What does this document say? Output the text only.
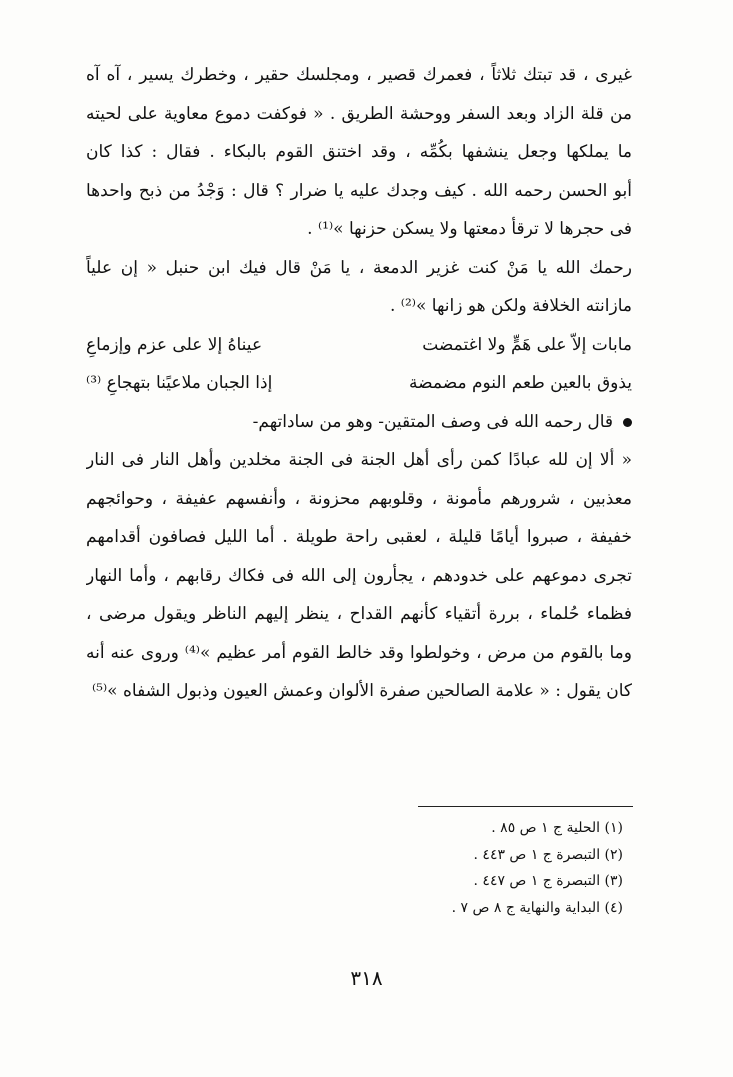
غيرى ، قد تبتك ثلاثاً ، فعمرك قصير ، ومجلسك حقير ، وخطرك يسير ، آه آه
من قلة الزاد وبعد السفر ووحشة الطريق . « فوكفت دموع معاوية على لحيته
ما يملكها وجعل ينشفها بكُمِّه ، وقد اختنق القوم بالبكاء . فقال : كذا كان
أبو الحسن رحمه الله . كيف وجدك عليه يا ضرار ؟ قال : وَجْدُ من ذبح واحدها
فى حجرها لا ترقأ دمعتها ولا يسكن حزنها »⁽¹⁾ .
رحمك الله يا مَنْ كنت غزير الدمعة ، يا مَنْ قال فيك ابن حنبل « إن علياً
مازانته الخلافة ولكن هو زانها »⁽²⁾ .
مابات إلاّ على هَمٍّ ولا اغتمضت
عيناهُ إلا على عزم وإزماعِ
يذوق بالعين طعم النوم مضمضة
إذا الجبان ملاعيًنا بتهجاعِ ⁽³⁾
قال رحمه الله فى وصف المتقين- وهو من ساداتهم-
« ألا إن لله عبادًا كمن رأى أهل الجنة فى الجنة مخلدين وأهل النار فى النار
معذبين ، شرورهم مأمونة ، وقلوبهم محزونة ، وأنفسهم عفيفة ، وحوائجهم
خفيفة ، صبروا أيامًا قليلة ، لعقبى راحة طويلة . أما الليل فصافون أقدامهم
تجرى دموعهم على خدودهم ، يجأرون إلى الله فى فكاك رقابهم ، وأما النهار
فظماء حُلماء ، بررة أتقياء كأنهم القداح ، ينظر إليهم الناظر ويقول مرضى ،
وما بالقوم من مرض ، وخولطوا وقد خالط القوم أمر عظيم »⁽⁴⁾ وروى عنه أنه
كان يقول : « علامة الصالحين صفرة الألوان وعمش العيون وذبول الشفاه »⁽⁵⁾
(١) الحلية ج ١ ص ٨٥ .
(٢) التبصرة ج ١ ص ٤٤٣ .
(٣) التبصرة ج ١ ص ٤٤٧ .
(٤) البداية والنهاية ج ٨ ص ٧ .
٣١٨
